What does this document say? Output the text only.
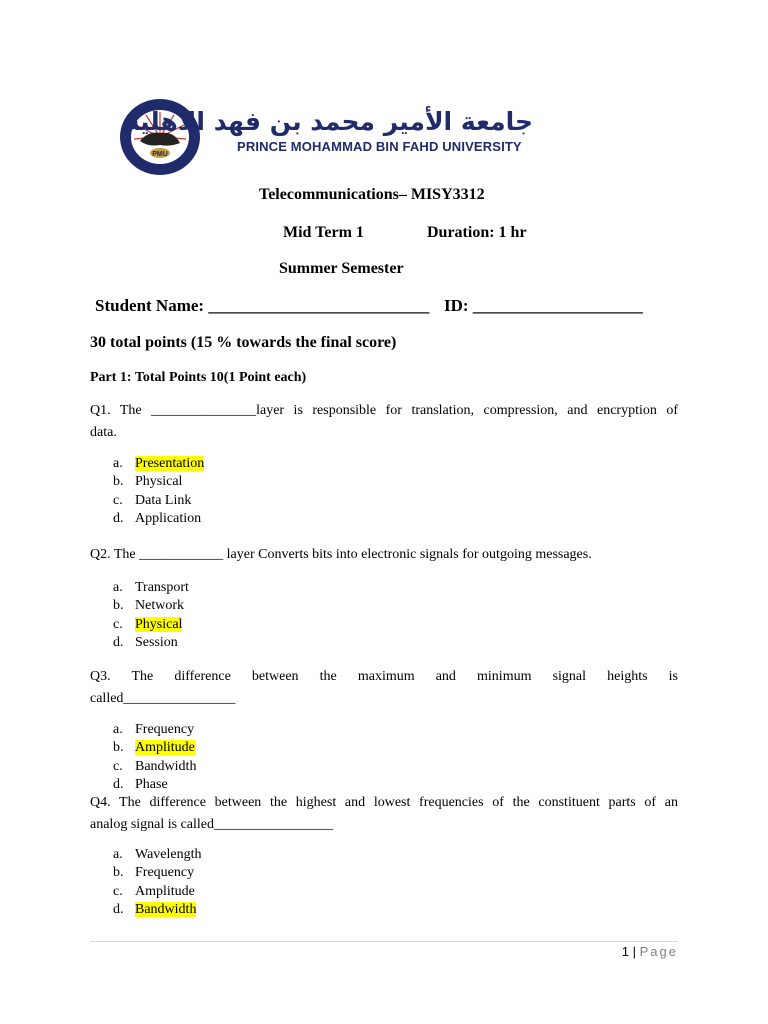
PMU
جامعة الأمير محمد بن فهد الأهلية
PRINCE MOHAMMAD BIN FAHD UNIVERSITY
Telecommunications– MISY3312
Mid Term 1	Duration: 1 hr
Summer Semester
Student Name: __________________________ ID: ____________________
30 total points (15 % towards the final score)
Part 1: Total Points 10(1 Point each)
Q1. The _______________layer is responsible for translation, compression, and encryption of
data.
a. Presentation
b. Physical
c. Data Link
d. Application
Q2. The ____________ layer Converts bits into electronic signals for outgoing messages.
a. Transport
b. Network
c. Physical
d. Session
Q3. The difference between the maximum and minimum signal heights is
called________________
a. Frequency
b. Amplitude
c. Bandwidth
d. Phase
Q4. The difference between the highest and lowest frequencies of the constituent parts of an
analog signal is called_________________
a. Wavelength
b. Frequency
c. Amplitude
d. Bandwidth
1 | Page
